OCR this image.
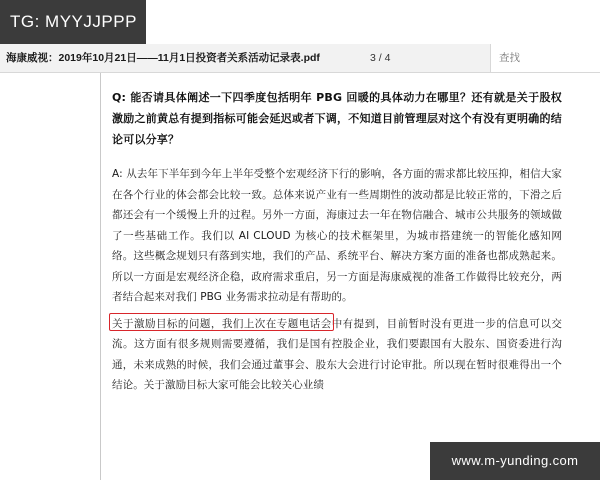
TG: MYYJJPPP
海康威视：2019年10月21日——11月1日投资者关系活动记录表.pdf	3 / 4
查找

Q: 能否请具体阐述一下四季度包括明年 PBG 回暖的具体动力在哪里？还有就是关于股权激励之前黄总有提到指标可能会延迟或者下调，不知道目前管理层对这个有没有更明确的结论可以分享？

A: 从去年下半年到今年上半年受整个宏观经济下行的影响，各方面的需求都比较压抑，相信大家在各个行业的体会都会比较一致。总体来说产业有一些周期性的波动都是比较正常的，下滑之后都还会有一个缓慢上升的过程。另外一方面，海康过去一年在物信融合、城市公共服务的领域做了一些基础工作。我们以 AI CLOUD 为核心的技术框架里，为城市搭建统一的智能化感知网络。这些概念规划只有落到实地，我们的产品、系统平台、解决方案方面的准备也都成熟起来。所以一方面是宏观经济企稳，政府需求重启，另一方面是海康威视的准备工作做得比较充分，两者结合起来对我们 PBG 业务需求拉动是有帮助的。

关于激励目标的问题，我们上次在专题电话会中有提到，目前暂时没有更进一步的信息可以交流。这方面有很多规则需要遵循，我们是国有控股企业，我们要跟国有大股东、国资委进行沟通，未来成熟的时候，我们会通过董事会、股东大会进行讨论审批。所以现在暂时很难得出一个结论。关于激励目标大家可能会比较关心业绩

www.m-yunding.com
